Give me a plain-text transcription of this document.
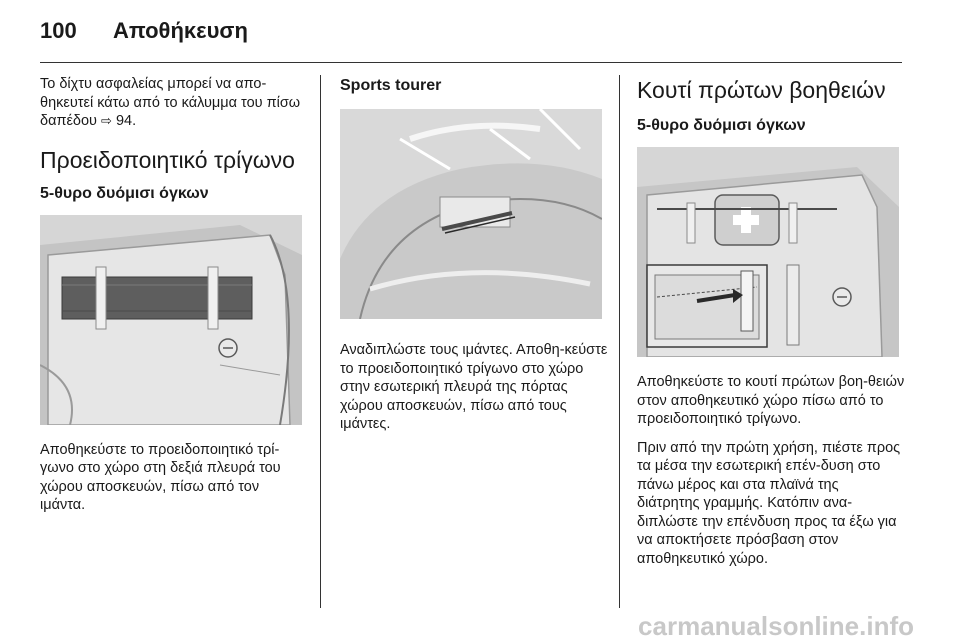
100 Αποθήκευση

Το δίχτυ ασφαλείας μπορεί να απο-θηκευτεί κάτω από το κάλυμμα του πίσω δαπέδου ⇨ 94.

Προειδοποιητικό τρίγωνο
5-θυρο δυόμισι όγκων

Αποθηκεύστε το προειδοποιητικό τρί-γωνο στο χώρο στη δεξιά πλευρά του χώρου αποσκευών, πίσω από τον ιμάντα.

Sports tourer

Αναδιπλώστε τους ιμάντες. Αποθη-κεύστε το προειδοποιητικό τρίγωνο στο χώρο στην εσωτερική πλευρά της πόρτας χώρου αποσκευών, πίσω από τους ιμάντες.

Κουτί πρώτων βοηθειών
5-θυρο δυόμισι όγκων

Αποθηκεύστε το κουτί πρώτων βοη-θειών στον αποθηκευτικό χώρο πίσω από το προειδοποιητικό τρίγωνο.

Πριν από την πρώτη χρήση, πιέστε προς τα μέσα την εσωτερική επέν-δυση στο πάνω μέρος και στα πλαϊνά της διάτρητης γραμμής. Κατόπιν ανα-διπλώστε την επένδυση προς τα έξω για να αποκτήσετε πρόσβαση στον αποθηκευτικό χώρο.

carmanualsonline.info
